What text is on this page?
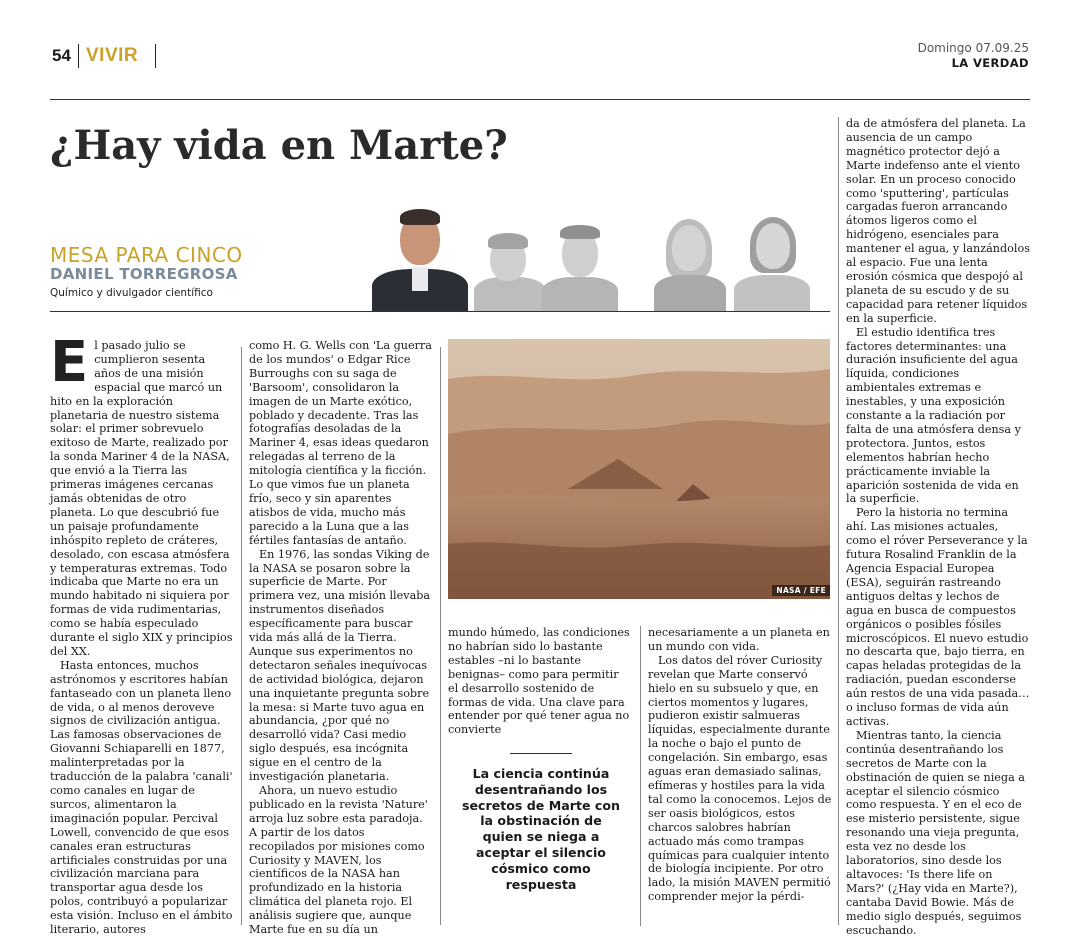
54 VIVIR	Domingo 07.09.25
LA VERDAD
¿Hay vida en Marte?
MESA PARA CINCO
DANIEL TORREGROSA
Químico y divulgador científico
E l pasado julio se cumplieron sesenta años de una misión espacial que marcó un hito en la exploración planetaria de nuestro sistema solar: el primer sobrevuelo exitoso de Marte, realizado por la sonda Mariner 4 de la NASA, que envió a la Tierra las primeras imágenes cercanas jamás obtenidas de otro planeta. Lo que descubrió fue un paisaje profundamente inhóspito repleto de cráteres, desolado, con escasa atmósfera y temperaturas extremas. Todo indicaba que Marte no era un mundo habitado ni siquiera por formas de vida rudimentarias, como se había especulado durante el siglo XIX y principios del XX.

Hasta entonces, muchos astrónomos y escritores habían fantaseado con un planeta lleno de vida, o al menos deroveve signos de civilización antigua. Las famosas observaciones de Giovanni Schiaparelli en 1877, malinterpretadas por la traducción de la palabra 'canali' como canales en lugar de surcos, alimentaron la imaginación popular. Percival Lowell, convencido de que esos canales eran estructuras artificiales construidas por una civilización marciana para transportar agua desde los polos, contribuyó a popularizar esta visión. Incluso en el ámbito literario, autores

como H. G. Wells con 'La guerra de los mundos' o Edgar Rice Burroughs con su saga de 'Barsoom', consolidaron la imagen de un Marte exótico, poblado y decadente. Tras las fotografías desoladas de la Mariner 4, esas ideas quedaron relegadas al terreno de la mitología científica y la ficción. Lo que vimos fue un planeta frío, seco y sin aparentes atisbos de vida, mucho más parecido a la Luna que a las fértiles fantasías de antaño.

En 1976, las sondas Viking de la NASA se posaron sobre la superficie de Marte. Por primera vez, una misión llevaba instrumentos diseñados específicamente para buscar vida más allá de la Tierra. Aunque sus experimentos no detectaron señales inequívocas de actividad biológica, dejaron una inquietante pregunta sobre la mesa: si Marte tuvo agua en abundancia, ¿por qué no desarrolló vida? Casi medio siglo después, esa incógnita sigue en el centro de la investigación planetaria.

Ahora, un nuevo estudio publicado en la revista 'Nature' arroja luz sobre esta paradoja. A partir de los datos recopilados por misiones como Curiosity y MAVEN, los científicos de la NASA han profundizado en la historia climática del planeta rojo. El análisis sugiere que, aunque Marte fue en su día un

NASA / EFE

mundo húmedo, las condiciones no habrían sido lo bastante estables –ni lo bastante benignas– como para permitir el desarrollo sostenido de formas de vida. Una clave para entender por qué tener agua no convierte

La ciencia continúa desentrañando los secretos de Marte con la obstinación de quien se niega a aceptar el silencio cósmico como respuesta

necesariamente a un planeta en un mundo con vida.

Los datos del róver Curiosity revelan que Marte conservó hielo en su subsuelo y que, en ciertos momentos y lugares, pudieron existir salmueras líquidas, especialmente durante la noche o bajo el punto de congelación. Sin embargo, esas aguas eran demasiado salinas, efímeras y hostiles para la vida tal como la conocemos. Lejos de ser oasis biológicos, estos charcos salobres habrían actuado más como trampas químicas para cualquier intento de biología incipiente. Por otro lado, la misión MAVEN permitió comprender mejor la pérdi-

da de atmósfera del planeta. La ausencia de un campo magnético protector dejó a Marte indefenso ante el viento solar. En un proceso conocido como 'sputtering', partículas cargadas fueron arrancando átomos ligeros como el hidrógeno, esenciales para mantener el agua, y lanzándolos al espacio. Fue una lenta erosión cósmica que despojó al planeta de su escudo y de su capacidad para retener líquidos en la superficie.

El estudio identifica tres factores determinantes: una duración insuficiente del agua líquida, condiciones ambientales extremas e inestables, y una exposición constante a la radiación por falta de una atmósfera densa y protectora. Juntos, estos elementos habrían hecho prácticamente inviable la aparición sostenida de vida en la superficie.

Pero la historia no termina ahí. Las misiones actuales, como el róver Perseverance y la futura Rosalind Franklin de la Agencia Espacial Europea (ESA), seguirán rastreando antiguos deltas y lechos de agua en busca de compuestos orgánicos o posibles fósiles microscópicos. El nuevo estudio no descarta que, bajo tierra, en capas heladas protegidas de la radiación, puedan esconderse aún restos de una vida pasada… o incluso formas de vida aún activas.

Mientras tanto, la ciencia continúa desentrañando los secretos de Marte con la obstinación de quien se niega a aceptar el silencio cósmico como respuesta. Y en el eco de ese misterio persistente, sigue resonando una vieja pregunta, esta vez no desde los laboratorios, sino desde los altavoces: 'Is there life on Mars?' (¿Hay vida en Marte?), cantaba David Bowie. Más de medio siglo después, seguimos escuchando.
